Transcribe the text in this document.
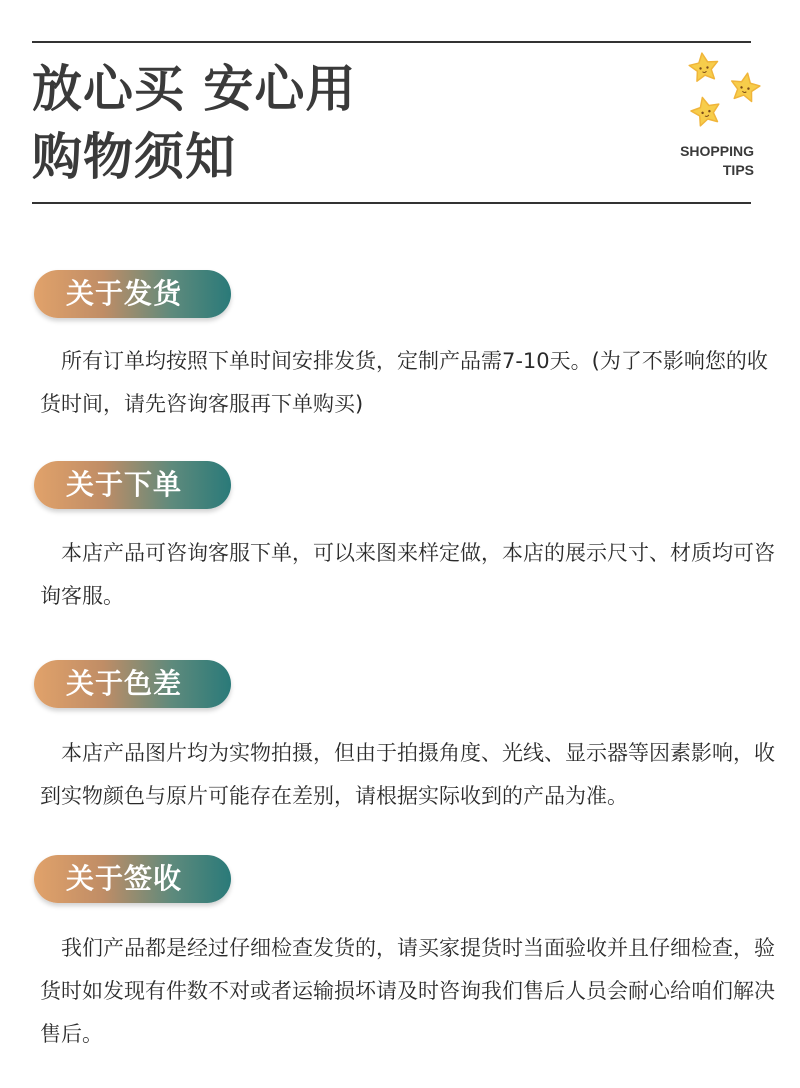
放心买 安心用
购物须知	SHOPPING
TIPS
关于发货
所有订单均按照下单时间安排发货，定制产品需7-10天。(为了不影响您的收货时间，请先咨询客服再下单购买)
关于下单
本店产品可咨询客服下单，可以来图来样定做，本店的展示尺寸、材质均可咨询客服。
关于色差
本店产品图片均为实物拍摄，但由于拍摄角度、光线、显示器等因素影响，收到实物颜色与原片可能存在差别，请根据实际收到的产品为准。
关于签收
我们产品都是经过仔细检查发货的，请买家提货时当面验收并且仔细检查，验货时如发现有件数不对或者运输损坏请及时咨询我们售后人员会耐心给咱们解决售后。
